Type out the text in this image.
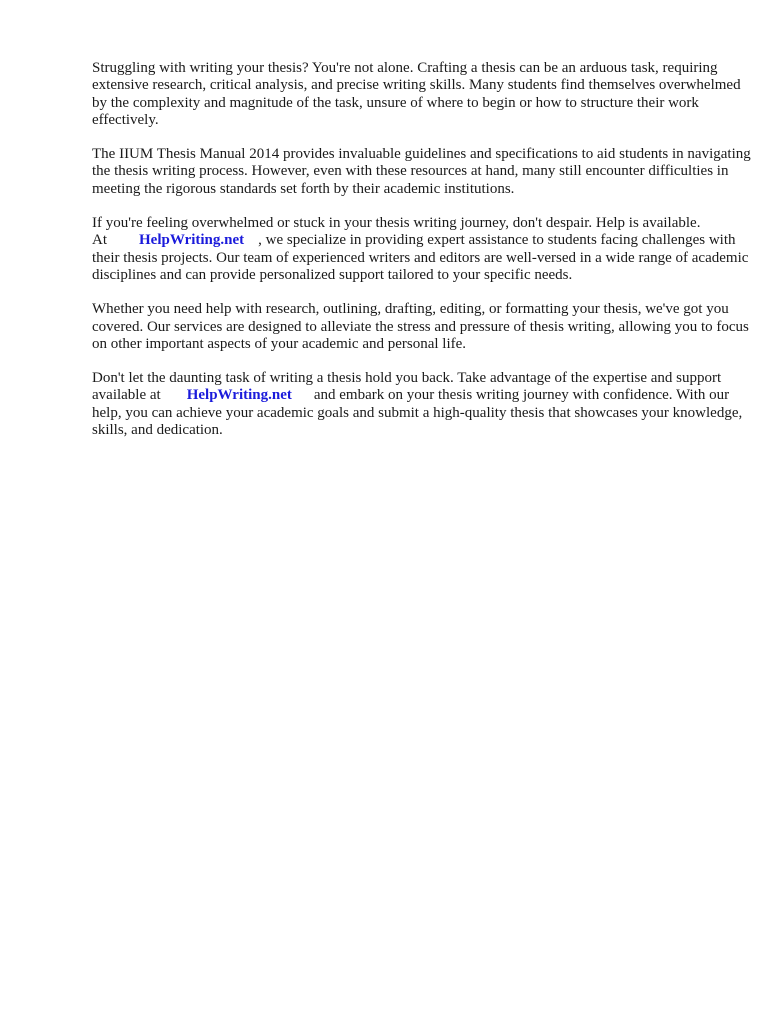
Struggling with writing your thesis? You're not alone. Crafting a thesis can be an arduous task, requiring extensive research, critical analysis, and precise writing skills. Many students find themselves overwhelmed by the complexity and magnitude of the task, unsure of where to begin or how to structure their work effectively.

The IIUM Thesis Manual 2014 provides invaluable guidelines and specifications to aid students in navigating the thesis writing process. However, even with these resources at hand, many still encounter difficulties in meeting the rigorous standards set forth by their academic institutions.

If you're feeling overwhelmed or stuck in your thesis writing journey, don't despair. Help is available.
At HelpWriting.net , we specialize in providing expert assistance to students facing challenges with their thesis projects. Our team of experienced writers and editors are well-versed in a wide range of academic disciplines and can provide personalized support tailored to your specific needs.

Whether you need help with research, outlining, drafting, editing, or formatting your thesis, we've got you covered. Our services are designed to alleviate the stress and pressure of thesis writing, allowing you to focus on other important aspects of your academic and personal life.

Don't let the daunting task of writing a thesis hold you back. Take advantage of the expertise and support available at HelpWriting.net and embark on your thesis writing journey with confidence. With our help, you can achieve your academic goals and submit a high-quality thesis that showcases your knowledge, skills, and dedication.
